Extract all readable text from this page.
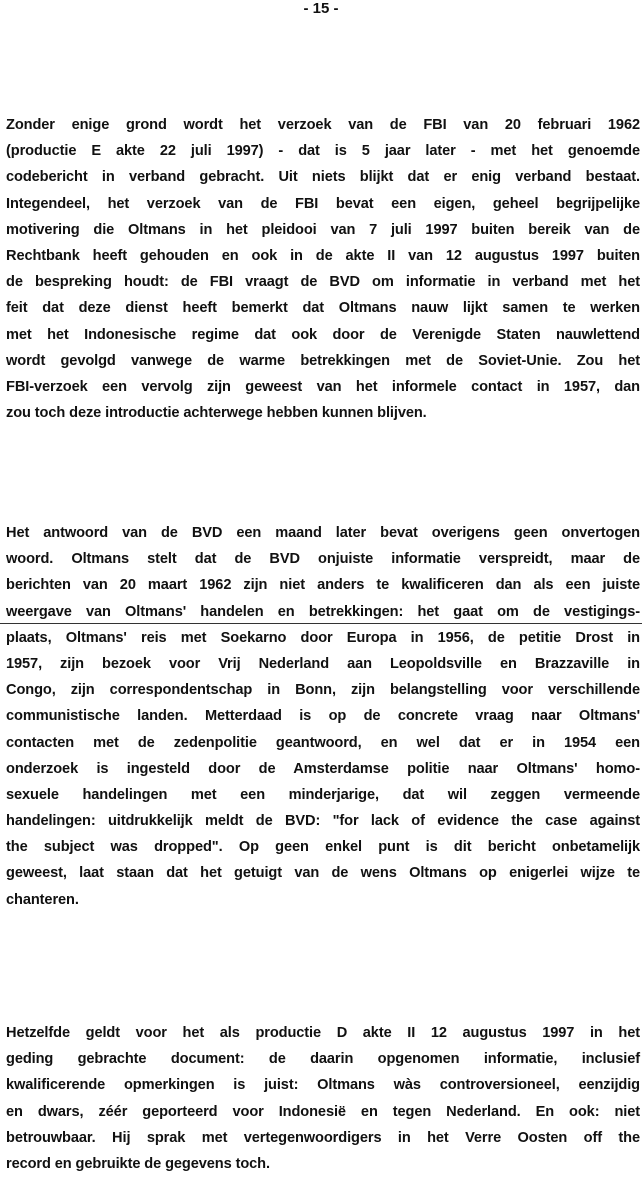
- 15 -
Zonder enige grond wordt het verzoek van de FBI van 20 februari 1962
(productie E akte 22 juli 1997) - dat is 5 jaar later - met het genoemde
codebericht in verband gebracht. Uit niets blijkt dat er enig verband bestaat.
Integendeel, het verzoek van de FBI bevat een eigen, geheel begrijpelijke
motivering die Oltmans in het pleidooi van 7 juli 1997 buiten bereik van de
Rechtbank heeft gehouden en ook in de akte II van 12 augustus 1997 buiten
de bespreking houdt: de FBI vraagt de BVD om informatie in verband met het
feit dat deze dienst heeft bemerkt dat Oltmans nauw lijkt samen te werken
met het Indonesische regime dat ook door de Verenigde Staten nauwlettend
wordt gevolgd vanwege de warme betrekkingen met de Soviet-Unie. Zou het
FBI-verzoek een vervolg zijn geweest van het informele contact in 1957, dan
zou toch deze introductie achterwege hebben kunnen blijven.
Het antwoord van de BVD een maand later bevat overigens geen onvertogen
woord. Oltmans stelt dat de BVD onjuiste informatie verspreidt, maar de
berichten van 20 maart 1962 zijn niet anders te kwalificeren dan als een juiste
weergave van Oltmans' handelen en betrekkingen: het gaat om de vestigings-
plaats, Oltmans' reis met Soekarno door Europa in 1956, de petitie Drost in
1957, zijn bezoek voor Vrij Nederland aan Leopoldsville en Brazzaville in
Congo, zijn correspondentschap in Bonn, zijn belangstelling voor verschillende
communistische landen. Metterdaad is op de concrete vraag naar Oltmans'
contacten met de zedenpolitie geantwoord, en wel dat er in 1954 een
onderzoek is ingesteld door de Amsterdamse politie naar Oltmans' homo-
sexuele handelingen met een minderjarige, dat wil zeggen vermeende
handelingen: uitdrukkelijk meldt de BVD: "for lack of evidence the case against
the subject was dropped". Op geen enkel punt is dit bericht onbetamelijk
geweest, laat staan dat het getuigt van de wens Oltmans op enigerlei wijze te
chanteren.
Hetzelfde geldt voor het als productie D akte II 12 augustus 1997 in het
geding gebrachte document: de daarin opgenomen informatie, inclusief
kwalificerende opmerkingen is juist: Oltmans wàs controversioneel, eenzijdig
en dwars, zéér geporteerd voor Indonesië en tegen Nederland. En ook: niet
betrouwbaar. Hij sprak met vertegenwoordigers in het Verre Oosten off the
record en gebruikte de gegevens toch.
